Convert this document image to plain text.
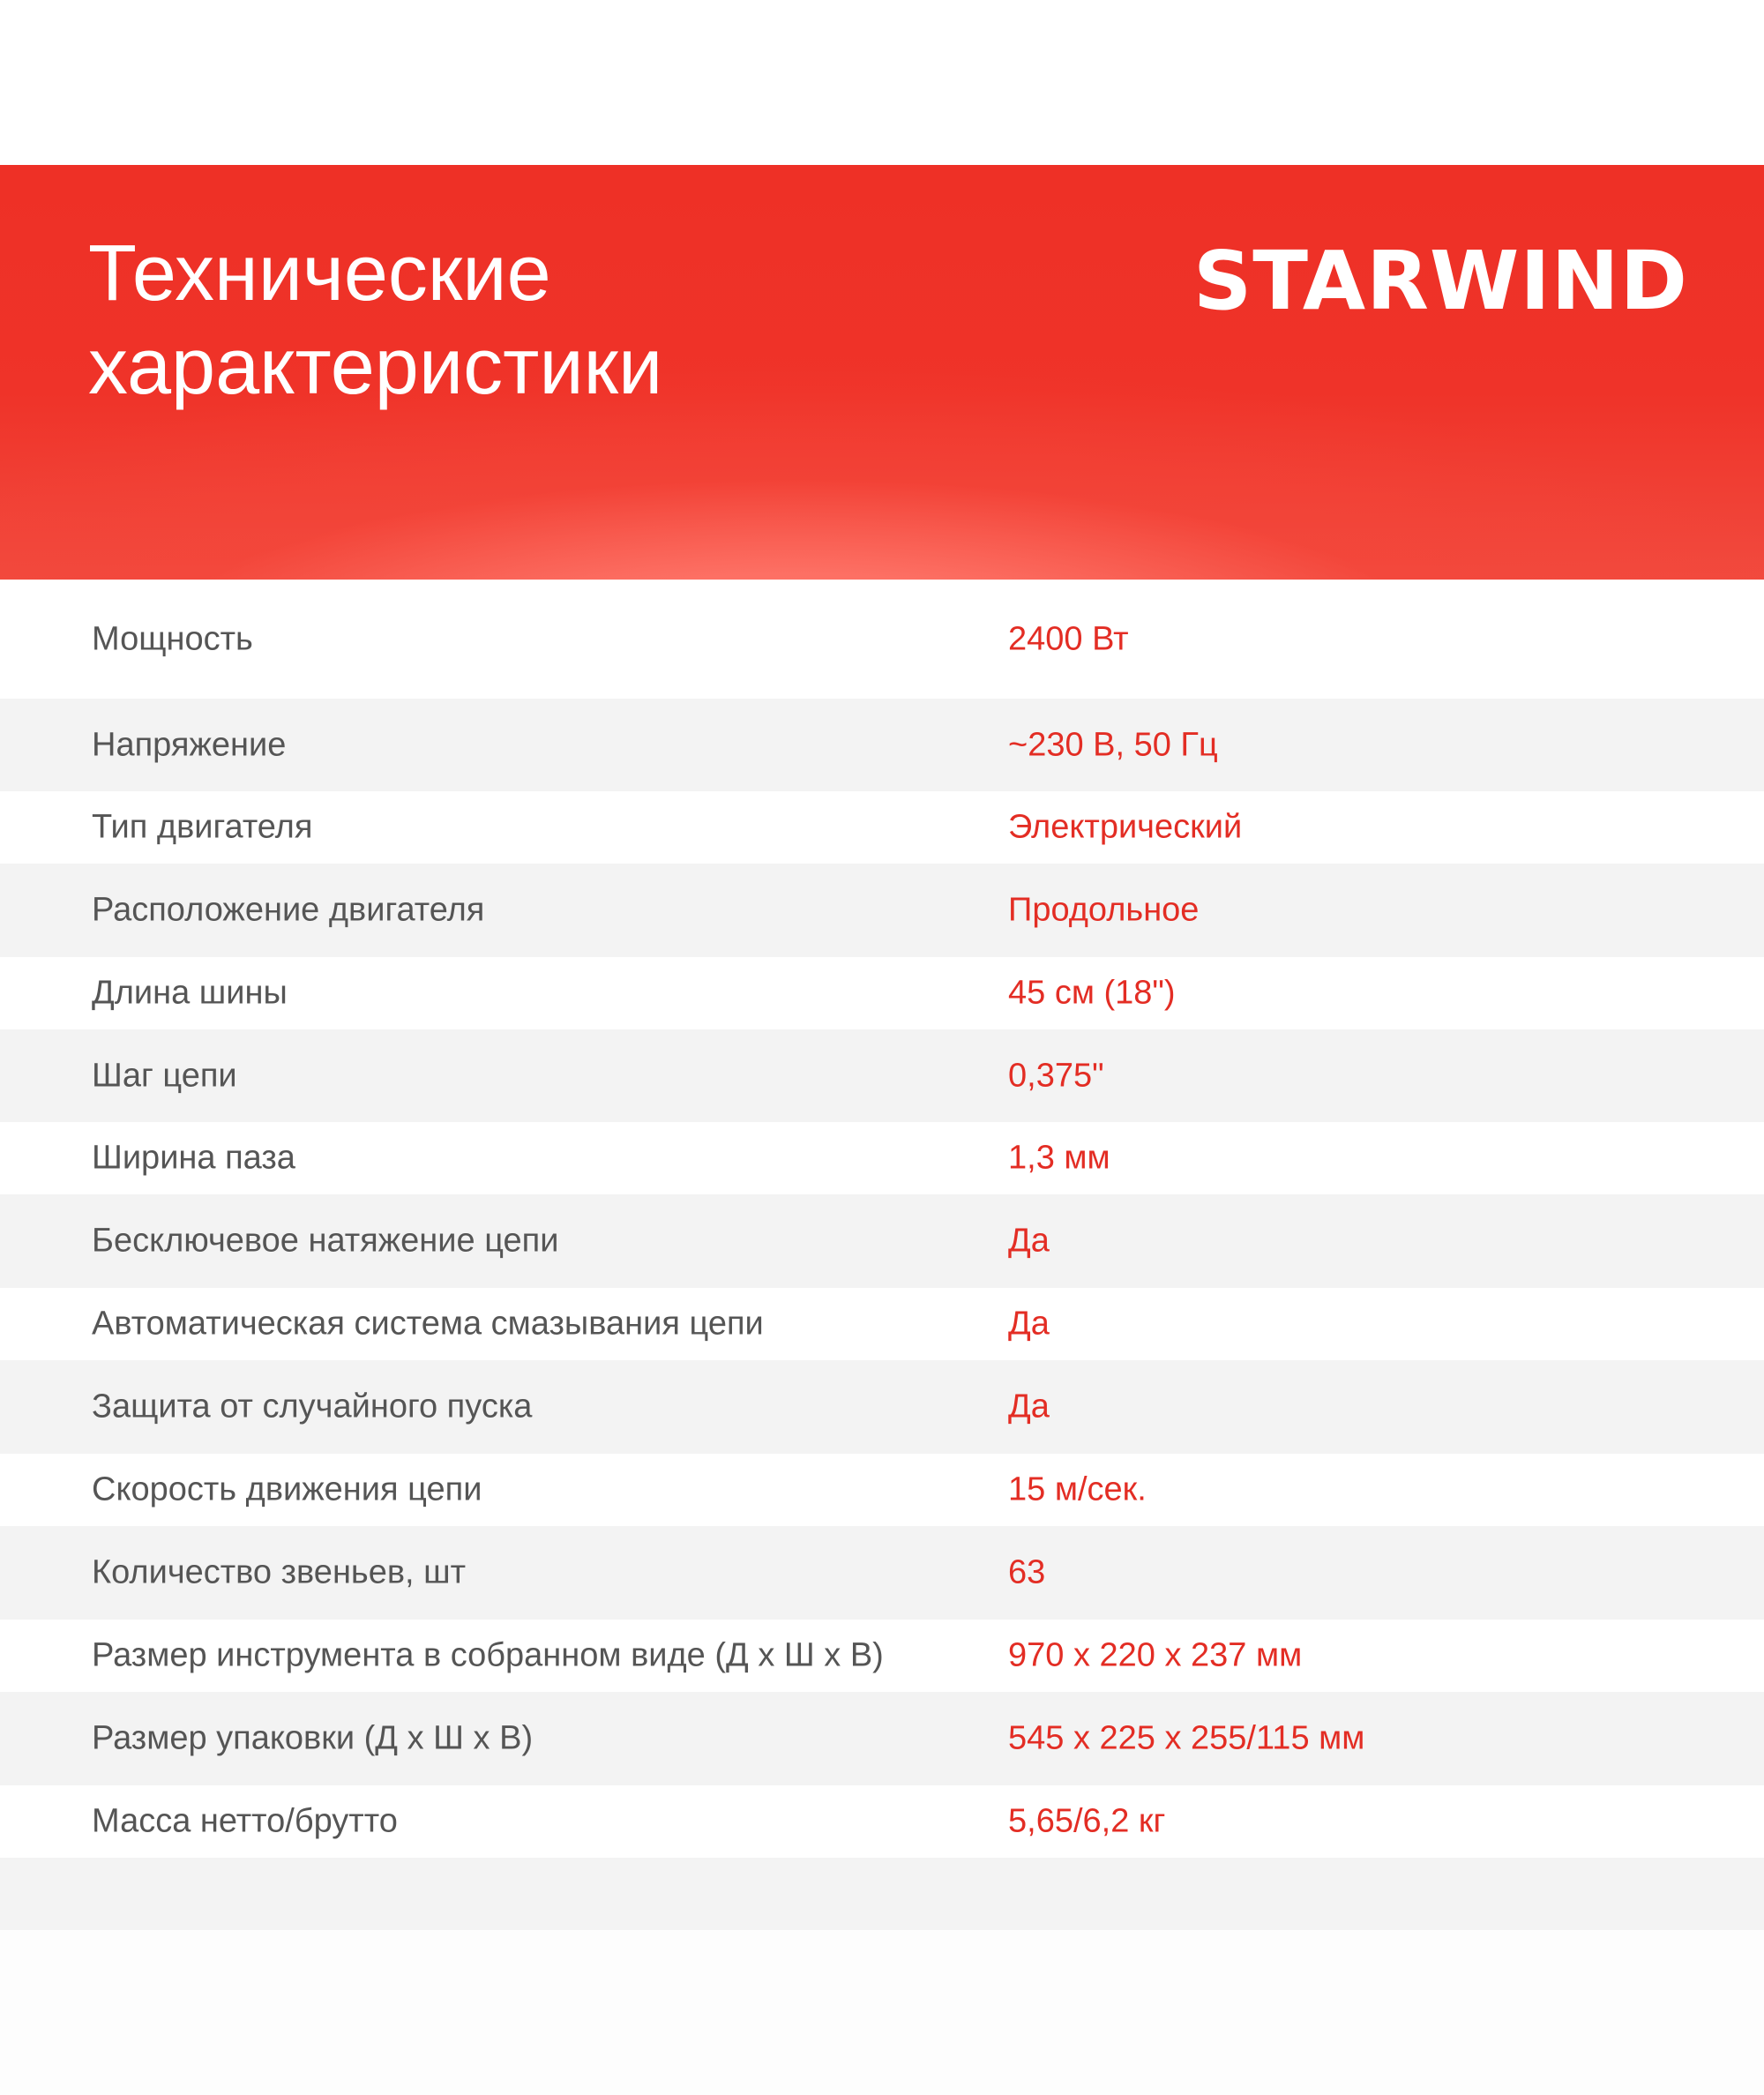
Технические
характеристики
STARWIND
Мощность	2400 Вт
Напряжение	~230 В, 50 Гц
Тип двигателя	Электрический
Расположение двигателя	Продольное
Длина шины	45 см (18")
Шаг цепи	0,375"
Ширина паза	1,3 мм
Бесключевое натяжение цепи	Да
Автоматическая система смазывания цепи	Да
Защита от случайного пуска	Да
Скорость движения цепи	15 м/сек.
Количество звеньев, шт	63
Размер инструмента в собранном виде (Д х Ш х В)	970 х 220 х 237 мм
Размер упаковки (Д х Ш х В)	545 х 225 х 255/115 мм
Масса нетто/брутто	5,65/6,2 кг
